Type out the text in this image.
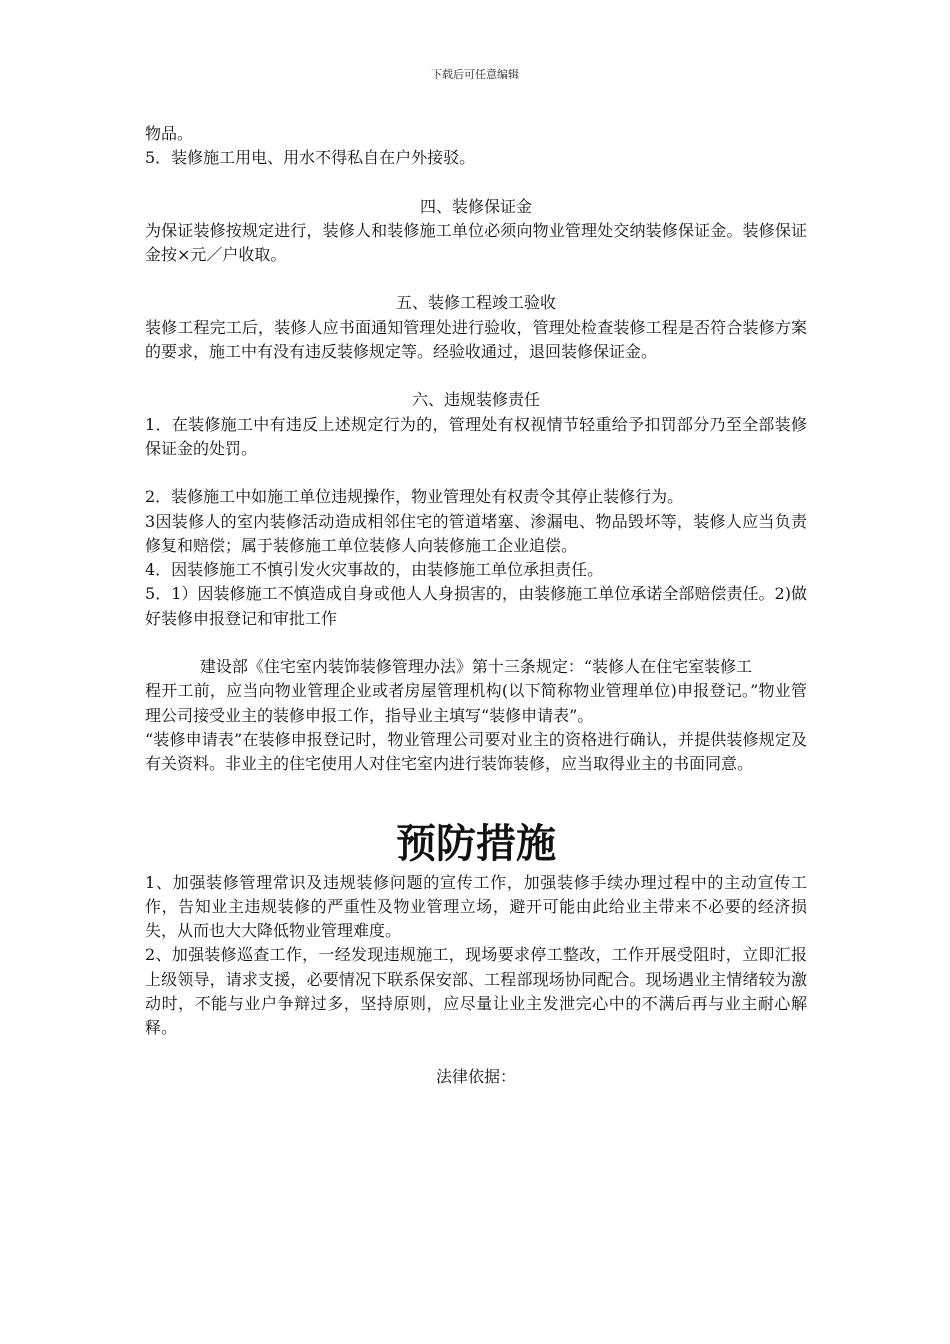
下载后可任意编辑

物品。

5．装修施工用电、用水不得私自在户外接驳。

四、装修保证金

为保证装修按规定进行，装修人和装修施工单位必须向物业管理处交纳装修保证金。装修保证金按×元／户收取。

五、装修工程竣工验收

装修工程完工后，装修人应书面通知管理处进行验收，管理处检查装修工程是否符合装修方案的要求，施工中有没有违反装修规定等。经验收通过，退回装修保证金。

六、违规装修责任

1．在装修施工中有违反上述规定行为的，管理处有权视情节轻重给予扣罚部分乃至全部装修保证金的处罚。

2．装修施工中如施工单位违规操作，物业管理处有权责令其停止装修行为。

3因装修人的室内装修活动造成相邻住宅的管道堵塞、渗漏电、物品毁坏等，装修人应当负责修复和赔偿；属于装修施工单位装修人向装修施工企业追偿。

4．因装修施工不慎引发火灾事故的，由装修施工单位承担责任。

5．1）因装修施工不慎造成自身或他人人身损害的，由装修施工单位承诺全部赔偿责任。2)做好装修申报登记和审批工作

建设部《住宅室内装饰装修管理办法》第十三条规定：“装修人在住宅室装修工

程开工前，应当向物业管理企业或者房屋管理机构(以下简称物业管理单位)申报登记。”物业管理公司接受业主的装修申报工作，指导业主填写“装修申请表”。

“装修申请表”在装修申报登记时，物业管理公司要对业主的资格进行确认，并提供装修规定及有关资料。非业主的住宅使用人对住宅室内进行装饰装修，应当取得业主的书面同意。

预防措施

1、加强装修管理常识及违规装修问题的宣传工作，加强装修手续办理过程中的主动宣传工作，告知业主违规装修的严重性及物业管理立场，避开可能由此给业主带来不必要的经济损失，从而也大大降低物业管理难度。

2、加强装修巡查工作，一经发现违规施工，现场要求停工整改，工作开展受阻时，立即汇报上级领导，请求支援，必要情况下联系保安部、工程部现场协同配合。现场遇业主情绪较为激动时，不能与业户争辩过多，坚持原则，应尽量让业主发泄完心中的不满后再与业主耐心解释。

法律依据：
